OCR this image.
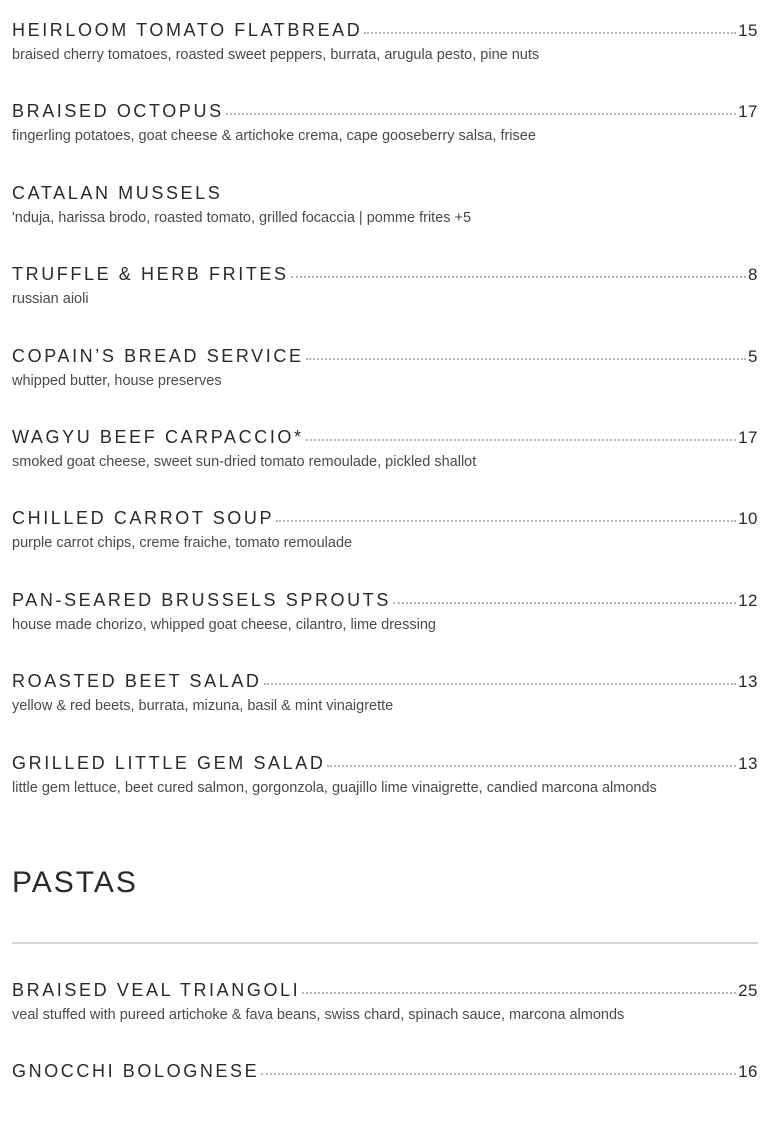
HEIRLOOM TOMATO FLATBREAD	15
braised cherry tomatoes, roasted sweet peppers, burrata, arugula pesto, pine nuts
BRAISED OCTOPUS	17
fingerling potatoes, goat cheese & artichoke crema, cape gooseberry salsa, frisee
CATALAN MUSSELS
'nduja, harissa brodo, roasted tomato, grilled focaccia | pomme frites +5
TRUFFLE & HERB FRITES	8
russian aioli
COPAIN’S BREAD SERVICE	5
whipped butter, house preserves
WAGYU BEEF CARPACCIO*	17
smoked goat cheese, sweet sun-dried tomato remoulade, pickled shallot
CHILLED CARROT SOUP	10
purple carrot chips, creme fraiche, tomato remoulade
PAN-SEARED BRUSSELS SPROUTS	12
house made chorizo, whipped goat cheese, cilantro, lime dressing
ROASTED BEET SALAD	13
yellow & red beets, burrata, mizuna, basil & mint vinaigrette
GRILLED LITTLE GEM SALAD	13
little gem lettuce, beet cured salmon, gorgonzola, guajillo lime vinaigrette, candied marcona almonds
PASTAS
BRAISED VEAL TRIANGOLI	25
veal stuffed with pureed artichoke & fava beans, swiss chard, spinach sauce, marcona almonds
GNOCCHI BOLOGNESE	16
